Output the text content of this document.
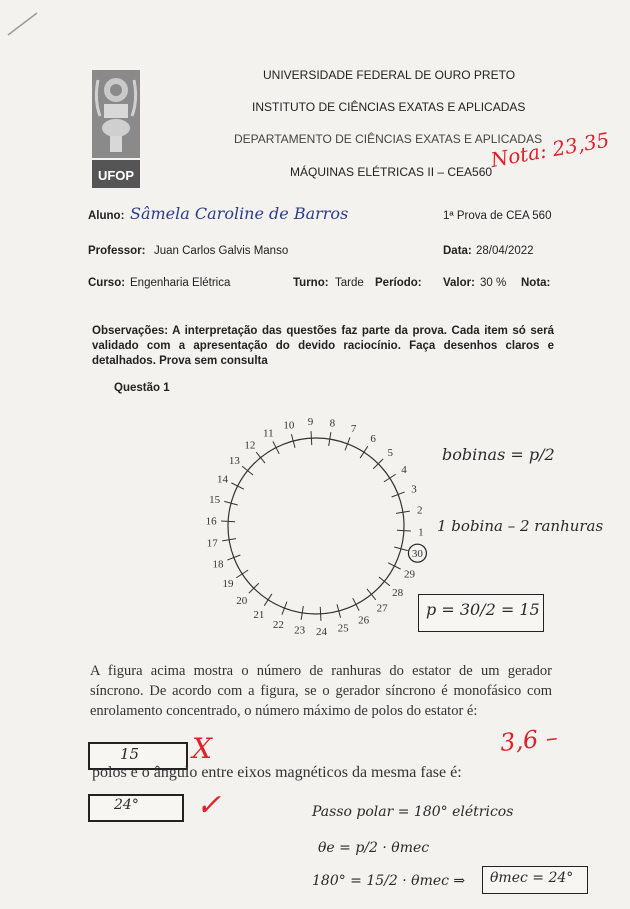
UFOP
UNIVERSIDADE FEDERAL DE OURO PRETO
INSTITUTO DE CIÊNCIAS EXATAS E APLICADAS
DEPARTAMENTO DE CIÊNCIAS EXATAS E APLICADAS
MÁQUINAS ELÉTRICAS II – CEA560
Nota: 23,35
Aluno: Sâmela Caroline de Barros	1ª Prova de CEA 560
Professor: Juan Carlos Galvis Manso	Data: 28/04/2022
Curso: Engenharia Elétrica	Turno: Tarde Período: Valor: 30 % Nota:
Observações: A interpretação das questões faz parte da prova. Cada item só será validado com a apresentação do devido raciocínio. Faça desenhos claros e detalhados. Prova sem consulta
Questão 1
1
2
3
4
5
6
7
8
9
10
11
12
13
14
15
16
17
18
19
20
21
22 23 24 25
26
27
28
29
30
bobinas = p/2
1 bobina – 2 ranhuras
p = 30/2 = 15
A figura acima mostra o número de ranhuras do estator de um gerador síncrono. De acordo com a figura, se o gerador síncrono é monofásico com enrolamento concentrado, o número máximo de polos do estator é:
15 X	3,6 –
polos e o ângulo entre eixos magnéticos da mesma fase é:
24° ✓	Passo polar = 180° elétricos
θe = p/2 · θmec
180° = 15/2 · θmec ⇒ θmec = 24°
